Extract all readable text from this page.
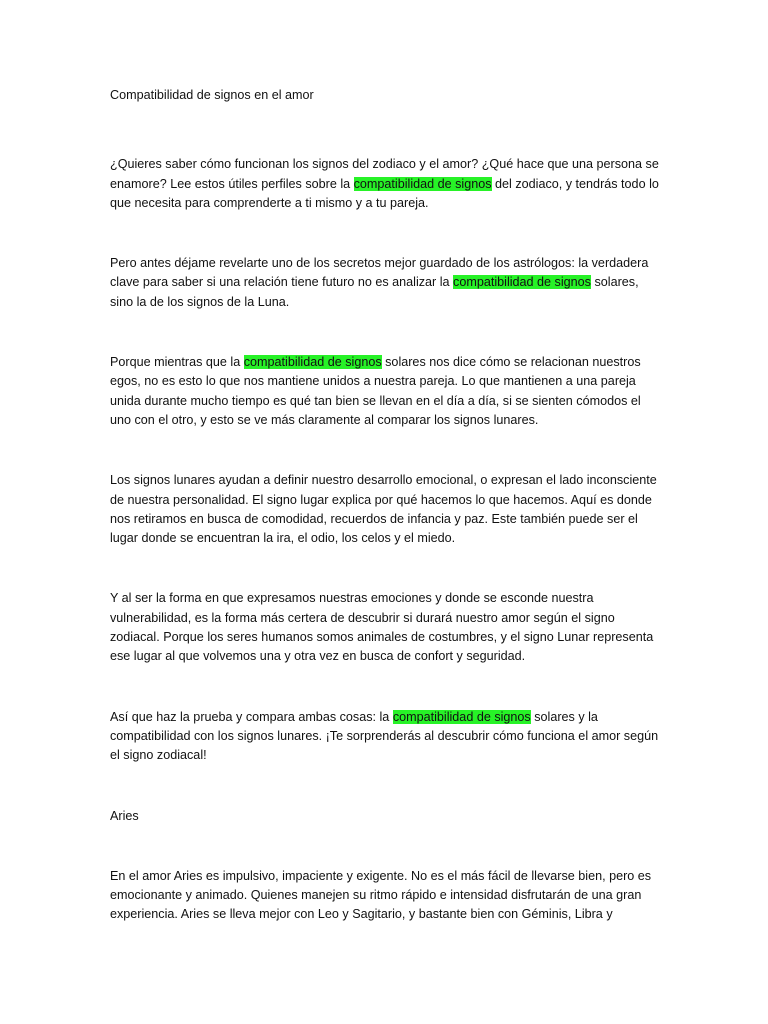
Compatibilidad de signos en el amor

¿Quieres saber cómo funcionan los signos del zodiaco y el amor? ¿Qué hace que una persona se enamore? Lee estos útiles perfiles sobre la compatibilidad de signos del zodiaco, y tendrás todo lo que necesita para comprenderte a ti mismo y a tu pareja.

Pero antes déjame revelarte uno de los secretos mejor guardado de los astrólogos: la verdadera clave para saber si una relación tiene futuro no es analizar la compatibilidad de signos solares, sino la de los signos de la Luna.

Porque mientras que la compatibilidad de signos solares nos dice cómo se relacionan nuestros egos, no es esto lo que nos mantiene unidos a nuestra pareja. Lo que mantienen a una pareja unida durante mucho tiempo es qué tan bien se llevan en el día a día, si se sienten cómodos el uno con el otro, y esto se ve más claramente al comparar los signos lunares.

Los signos lunares ayudan a definir nuestro desarrollo emocional, o expresan el lado inconsciente de nuestra personalidad. El signo lugar explica por qué hacemos lo que hacemos. Aquí es donde nos retiramos en busca de comodidad, recuerdos de infancia y paz. Este también puede ser el lugar donde se encuentran la ira, el odio, los celos y el miedo.

Y al ser la forma en que expresamos nuestras emociones y donde se esconde nuestra vulnerabilidad, es la forma más certera de descubrir si durará nuestro amor según el signo zodiacal. Porque los seres humanos somos animales de costumbres, y el signo Lunar representa ese lugar al que volvemos una y otra vez en busca de confort y seguridad.

Así que haz la prueba y compara ambas cosas: la compatibilidad de signos solares y la compatibilidad con los signos lunares. ¡Te sorprenderás al descubrir cómo funciona el amor según el signo zodiacal!

Aries

En el amor Aries es impulsivo, impaciente y exigente. No es el más fácil de llevarse bien, pero es emocionante y animado. Quienes manejen su ritmo rápido e intensidad disfrutarán de una gran experiencia. Aries se lleva mejor con Leo y Sagitario, y bastante bien con Géminis, Libra y
